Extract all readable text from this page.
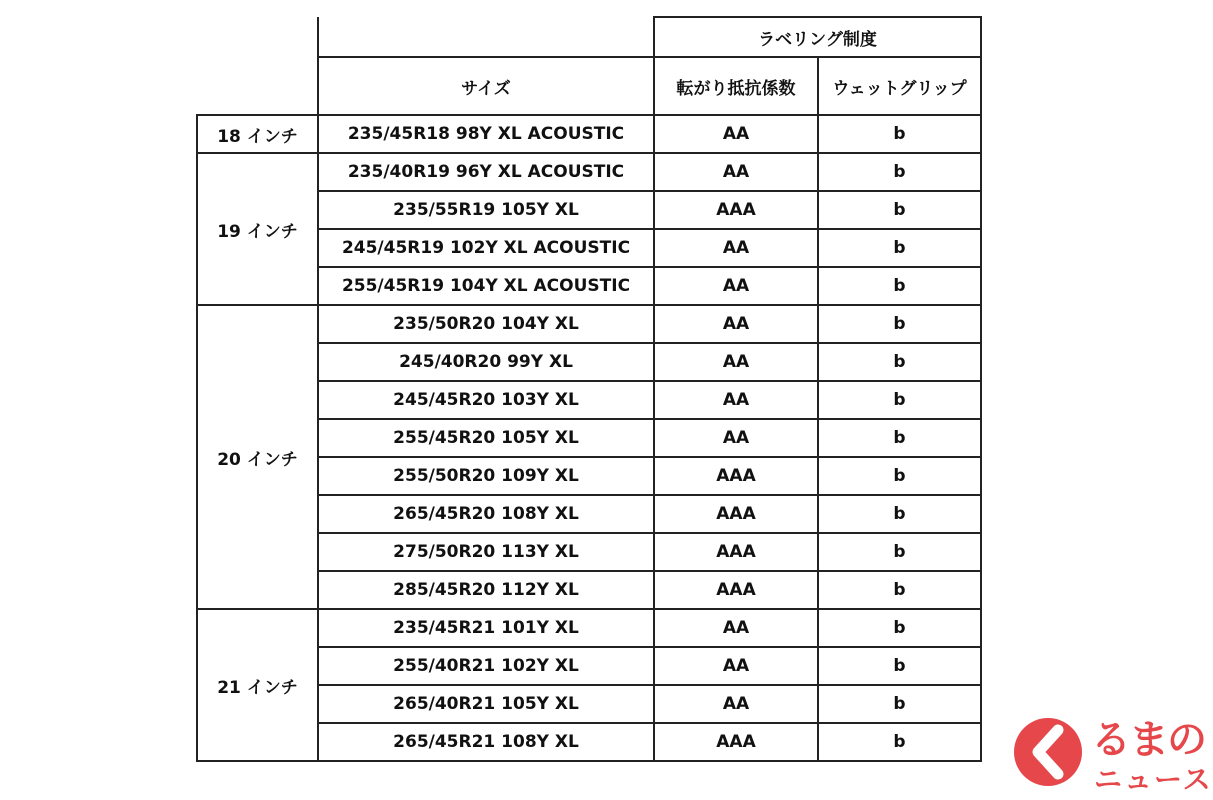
		ラベリング制度	
	サイズ	転がり抵抗係数	ウェットグリップ
18 インチ	235/45R18 98Y XL ACOUSTIC	AA	b
19 インチ	235/40R19 96Y XL ACOUSTIC	AA	b
	235/55R19 105Y XL	AAA	b
	245/45R19 102Y XL ACOUSTIC	AA	b
	255/45R19 104Y XL ACOUSTIC	AA	b
20 インチ	235/50R20 104Y XL	AA	b
	245/40R20 99Y XL	AA	b
	245/45R20 103Y XL	AA	b
	255/45R20 105Y XL	AA	b
	255/50R20 109Y XL	AAA	b
	265/45R20 108Y XL	AAA	b
	275/50R20 113Y XL	AAA	b
	285/45R20 112Y XL	AAA	b
21 インチ	235/45R21 101Y XL	AA	b
	255/40R21 102Y XL	AA	b
	265/40R21 105Y XL	AA	b
	265/45R21 108Y XL	AAA	b	るまの
ニュース
